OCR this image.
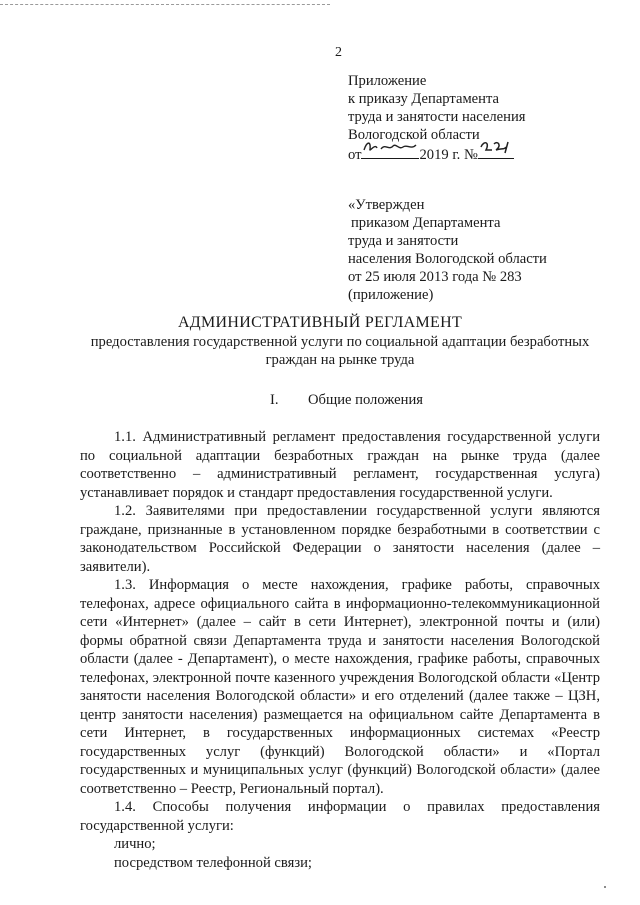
2
Приложение
к приказу Департамента
труда и занятости населения
Вологодской области
от	2019 г. №
«Утвержден
приказом Департамента
труда и занятости
населения Вологодской области
от 25 июля 2013 года № 283
(приложение)
АДМИНИСТРАТИВНЫЙ РЕГЛАМЕНТ
предоставления государственной услуги по социальной адаптации безработных граждан на рынке труда
I. Общие положения

1.1. Административный регламент предоставления государственной услуги по социальной адаптации безработных граждан на рынке труда (далее соответственно – административный регламент, государственная услуга) устанавливает порядок и стандарт предоставления государственной услуги.

1.2. Заявителями при предоставлении государственной услуги являются граждане, признанные в установленном порядке безработными в соответствии с законодательством Российской Федерации о занятости населения (далее – заявители).

1.3. Информация о месте нахождения, графике работы, справочных телефонах, адресе официального сайта в информационно-телекоммуникационной сети «Интернет» (далее – сайт в сети Интернет), электронной почты и (или) формы обратной связи Департамента труда и занятости населения Вологодской области (далее - Департамент), о месте нахождения, графике работы, справочных телефонах, электронной почте казенного учреждения Вологодской области «Центр занятости населения Вологодской области» и его отделений (далее также – ЦЗН, центр занятости населения) размещается на официальном сайте Департамента в сети Интернет, в государственных информационных системах «Реестр государственных услуг (функций) Вологодской области» и «Портал государственных и муниципальных услуг (функций) Вологодской области» (далее соответственно – Реестр, Региональный портал).

1.4. Способы получения информации о правилах предоставления государственной услуги:

лично;

посредством телефонной связи;
